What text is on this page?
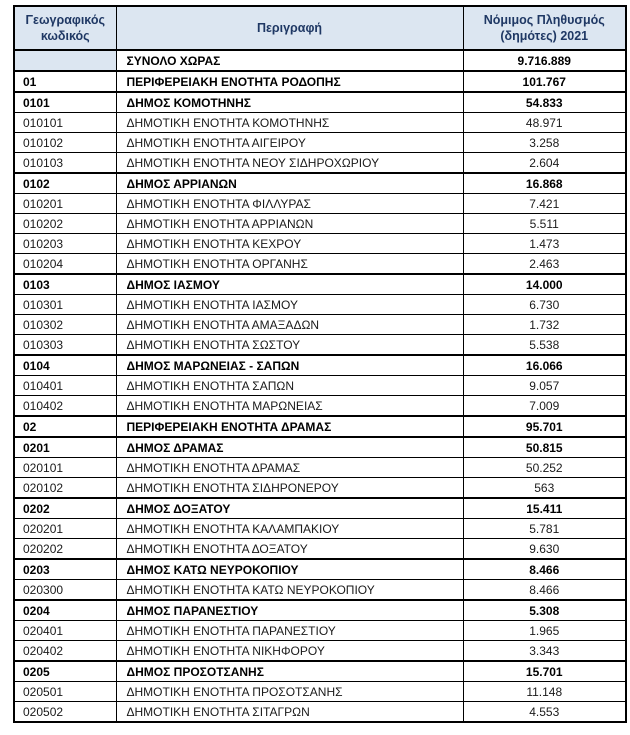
Γεωγραφικός κωδικός	Περιγραφή	Νόμιμος Πληθυσμός (δημότες) 2021
	ΣΥΝΟΛΟ ΧΩΡΑΣ	9.716.889
01	ΠΕΡΙΦΕΡΕΙΑΚΗ ΕΝΟΤΗΤΑ ΡΟΔΟΠΗΣ	101.767
0101	ΔΗΜΟΣ ΚΟΜΟΤΗΝΗΣ	54.833
010101	ΔΗΜΟΤΙΚΗ ΕΝΟΤΗΤΑ ΚΟΜΟΤΗΝΗΣ	48.971
010102	ΔΗΜΟΤΙΚΗ ΕΝΟΤΗΤΑ ΑΙΓΕΙΡΟΥ	3.258
010103	ΔΗΜΟΤΙΚΗ ΕΝΟΤΗΤΑ ΝΕΟΥ ΣΙΔΗΡΟΧΩΡΙΟΥ	2.604
0102	ΔΗΜΟΣ ΑΡΡΙΑΝΩΝ	16.868
010201	ΔΗΜΟΤΙΚΗ ΕΝΟΤΗΤΑ ΦΙΛΛΥΡΑΣ	7.421
010202	ΔΗΜΟΤΙΚΗ ΕΝΟΤΗΤΑ ΑΡΡΙΑΝΩΝ	5.511
010203	ΔΗΜΟΤΙΚΗ ΕΝΟΤΗΤΑ ΚΕΧΡΟΥ	1.473
010204	ΔΗΜΟΤΙΚΗ ΕΝΟΤΗΤΑ ΟΡΓΑΝΗΣ	2.463
0103	ΔΗΜΟΣ ΙΑΣΜΟΥ	14.000
010301	ΔΗΜΟΤΙΚΗ ΕΝΟΤΗΤΑ ΙΑΣΜΟΥ	6.730
010302	ΔΗΜΟΤΙΚΗ ΕΝΟΤΗΤΑ ΑΜΑΞΑΔΩΝ	1.732
010303	ΔΗΜΟΤΙΚΗ ΕΝΟΤΗΤΑ ΣΩΣΤΟΥ	5.538
0104	ΔΗΜΟΣ ΜΑΡΩΝΕΙΑΣ - ΣΑΠΩΝ	16.066
010401	ΔΗΜΟΤΙΚΗ ΕΝΟΤΗΤΑ ΣΑΠΩΝ	9.057
010402	ΔΗΜΟΤΙΚΗ ΕΝΟΤΗΤΑ ΜΑΡΩΝΕΙΑΣ	7.009
02	ΠΕΡΙΦΕΡΕΙΑΚΗ ΕΝΟΤΗΤΑ ΔΡΑΜΑΣ	95.701
0201	ΔΗΜΟΣ ΔΡΑΜΑΣ	50.815
020101	ΔΗΜΟΤΙΚΗ ΕΝΟΤΗΤΑ ΔΡΑΜΑΣ	50.252
020102	ΔΗΜΟΤΙΚΗ ΕΝΟΤΗΤΑ ΣΙΔΗΡΟΝΕΡΟΥ	563
0202	ΔΗΜΟΣ ΔΟΞΑΤΟΥ	15.411
020201	ΔΗΜΟΤΙΚΗ ΕΝΟΤΗΤΑ ΚΑΛΑΜΠΑΚΙΟΥ	5.781
020202	ΔΗΜΟΤΙΚΗ ΕΝΟΤΗΤΑ ΔΟΞΑΤΟΥ	9.630
0203	ΔΗΜΟΣ ΚΑΤΩ ΝΕΥΡΟΚΟΠΙΟΥ	8.466
020300	ΔΗΜΟΤΙΚΗ ΕΝΟΤΗΤΑ ΚΑΤΩ ΝΕΥΡΟΚΟΠΙΟΥ	8.466
0204	ΔΗΜΟΣ ΠΑΡΑΝΕΣΤΙΟΥ	5.308
020401	ΔΗΜΟΤΙΚΗ ΕΝΟΤΗΤΑ ΠΑΡΑΝΕΣΤΙΟΥ	1.965
020402	ΔΗΜΟΤΙΚΗ ΕΝΟΤΗΤΑ ΝΙΚΗΦΟΡΟΥ	3.343
0205	ΔΗΜΟΣ ΠΡΟΣΟΤΣΑΝΗΣ	15.701
020501	ΔΗΜΟΤΙΚΗ ΕΝΟΤΗΤΑ ΠΡΟΣΟΤΣΑΝΗΣ	11.148
020502	ΔΗΜΟΤΙΚΗ ΕΝΟΤΗΤΑ ΣΙΤΑΓΡΩΝ	4.553
